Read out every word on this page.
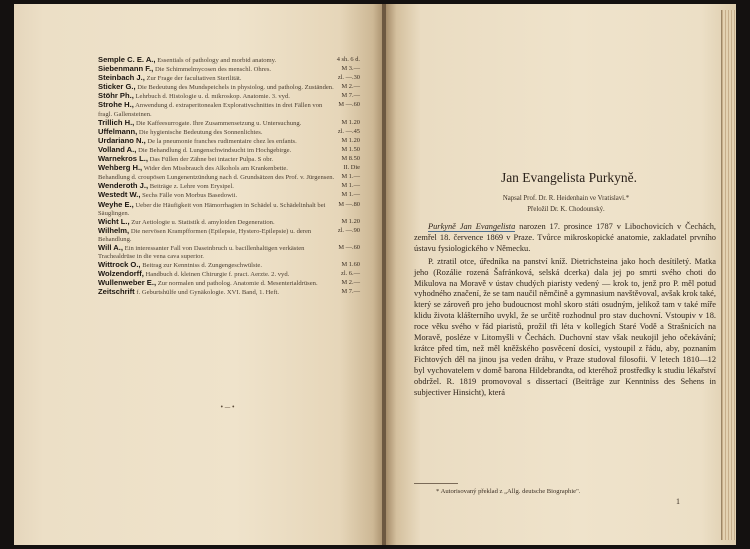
4 sh. 6 d.
Semple C. E. A., Essentials of pathology and morbid anatomy.
M 3.—
Siebenmann F., Die Schimmelmycosen des menschl. Ohres.
zl. —.30
Steinbach J., Zur Frage der facultativen Sterilität.
M 2.—
Sticker G., Die Bedeutung des Mundspeichels in physiolog. und patholog. Zuständen.
M 7.—
Stöhr Ph., Lehrbuch d. Histologie u. d. mikroskop. Anatomie. 3. vyd.
M —.60
Strohe H., Anwendung d. extraperitonealen Explorativschnittes in drei Fällen von fragl. Gallensteinen.
M 1.20
Trillich H., Die Kaffeesurrogate. Ihre Zusammensetzung u. Untersuchung.
zl. —.45
Uffelmann, Die hygienische Bedeutung des Sonnenlichtes.
M 1.20
Urdariano N., De la pneumonie franches rudimentaire chez les enfants.
M 1.50
Volland A., Die Behandlung d. Lungenschwindsucht im Hochgebirge.
M 8.50
Warnekros L., Das Füllen der Zähne bei intacter Pulpa. S obr.
II. Die
Wehberg H., Wider den Missbrauch des Alkohols am Krankenbette.
M 1.—
Behandlung d. croupösen Lungenentzündung nach d. Grundsätzen des Prof. v. Jürgensen.
M 1.—
Wenderoth J., Beiträge z. Lehre vom Erysipel.
M 1.—
Westedt W., Sechs Fälle von Morbus Basedowii.
M —.80
Weyhe E., Ueber die Häufigkeit von Hämorrhagien in Schädel u. Schädelinhalt bei Säuglingen.
M 1.20
Wicht L., Zur Aetiologie u. Statistik d. amyloiden Degeneration.
zl. —.90
Wilhelm, Die nervösen Krampfformen (Epilepsie, Hystero-Epilepsie) u. deren Behandlung.
M —.60
Will A., Ein interessanter Fall von Daseinbruch u. bacillenhaltigen verkästen Trachealdrüse in die vena cava superior.
M 1.60
Wittrock O., Beitrag zur Kenntniss d. Zungengeschwülste.
zl. 6.—
Wolzendorff, Handbuch d. kleinen Chirurgie f. pract. Aerzte. 2. vyd.
M 2.—
Wullenweber E., Zur normalen und patholog. Anatomie d. Mesenterialdrüsen.
M 7.—
Zeitschrift f. Geburtshülfe und Gynäkologie. XVI. Band, 1. Heft.
•—•
Jan Evangelista Purkyně.
Napsal Prof. Dr. R. Heidenhain ve Vratislavi.*
Přeložil Dr. K. Chodounský.

Purkyně Jan Evangelista narozen 17. prosince 1787 v Libochovicích v Čechách, zemřel 18. července 1869 v Praze. Tvůrce mikroskopické anatomie, zakladatel prvního ústavu fysiologického v Německu.

P. ztratil otce, úředníka na panství kníž. Dietrichsteina jako hoch desítiletý. Matka jeho (Rozálie rozená Šafránková, selská dcerka) dala jej po smrti svého choti do Mikulova na Moravě v ústav chudých piaristy vedený — krok to, jenž pro P. měl potud vyhodného značení, že se tam naučil němčině a gymnasium navštěvoval, avšak krok také, který se zároveň pro jeho budoucnost mohl skoro státi osudným, jelikož tam v také míře klidu života klášterního uvykl, že se určitě rozhodnul pro stav duchovní. Vstoupiv v 18. roce věku svého v řád piaristů, prožil tři léta v kollegích Staré Vodě a Strašnicích na Moravě, posléze v Litomyšli v Čechách. Duchovní stav však neukojil jeho očekávání; krátce před tím, než měl kněžského posvěcení dosíci, vystoupil z řádu, aby, poznaním Fichtových děl na jinou jsa veden dráhu, v Praze studoval filosofii. V letech 1810—12 byl vychovatelem v domě barona Hildebrandta, od kteréhož prostředky k studiu lékařství obdržel. R. 1819 promovoval s dissertací (Beiträge zur Kenntniss des Sehens in subjectiver Hinsicht), která

* Autorisovaný překlad z „Allg. deutsche Biographie".
1
